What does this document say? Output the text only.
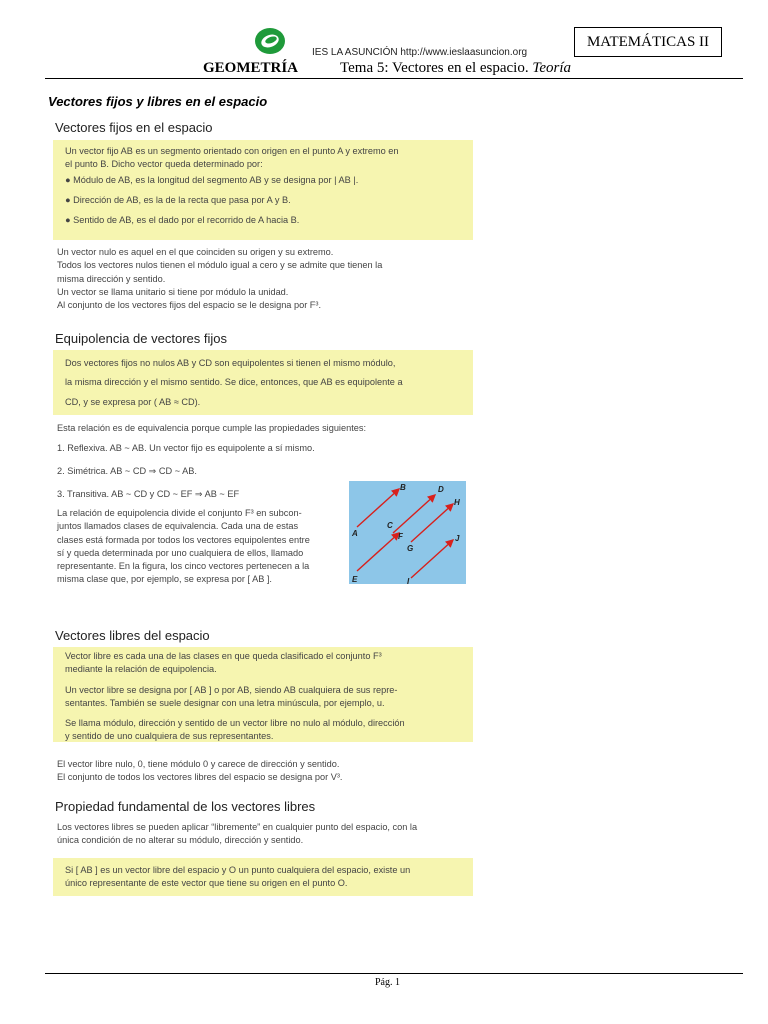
IES LA ASUNCIÓN http://www.ieslaasuncion.org
MATEMÁTICAS II
GEOMETRÍA	Tema 5: Vectores en el espacio. Teoría
Vectores fijos y libres en el espacio
Vectores fijos en el espacio
Un vector fijo AB es un segmento orientado con origen en el punto A y extremo en
el punto B. Dicho vector queda determinado por:
● Módulo de AB, es la longitud del segmento AB y se designa por | AB |.
● Dirección de AB, es la de la recta que pasa por A y B.
● Sentido de AB, es el dado por el recorrido de A hacia B.
Un vector nulo es aquel en el que coinciden su origen y su extremo.
Todos los vectores nulos tienen el módulo igual a cero y se admite que tienen la
misma dirección y sentido.
Un vector se llama unitario si tiene por módulo la unidad.
Al conjunto de los vectores fijos del espacio se le designa por F³.
Equipolencia de vectores fijos
Dos vectores fijos no nulos AB y CD son equipolentes si tienen el mismo módulo,
la misma dirección y el mismo sentido. Se dice, entonces, que AB es equipolente a
CD, y se expresa por ( AB ≈ CD).
Esta relación es de equivalencia porque cumple las propiedades siguientes:
1. Reflexiva. AB ~ AB. Un vector fijo es equipolente a sí mismo.
2. Simétrica. AB ~ CD ⇒ CD ~ AB.
3. Transitiva. AB ~ CD y CD ~ EF ⇒ AB ~ EF
La relación de equipolencia divide el conjunto F³ en subcon-
juntos llamados clases de equivalencia. Cada una de estas
clases está formada por todos los vectores equipolentes entre
sí y queda determinada por uno cualquiera de ellos, llamado
representante. En la figura, los cinco vectores pertenecen a la
misma clase que, por ejemplo, se expresa por [ AB ].
A
B
C
D
E
F
G
H
I
J
Vectores libres del espacio
Vector libre es cada una de las clases en que queda clasificado el conjunto F³
mediante la relación de equipolencia.
Un vector libre se designa por [ AB ] o por AB, siendo AB cualquiera de sus repre-
sentantes. También se suele designar con una letra minúscula, por ejemplo, u.
Se llama módulo, dirección y sentido de un vector libre no nulo al módulo, dirección
y sentido de uno cualquiera de sus representantes.
El vector libre nulo, 0, tiene módulo 0 y carece de dirección y sentido.
El conjunto de todos los vectores libres del espacio se designa por V³.
Propiedad fundamental de los vectores libres
Los vectores libres se pueden aplicar “libremente” en cualquier punto del espacio, con la
única condición de no alterar su módulo, dirección y sentido.
Si [ AB ] es un vector libre del espacio y O un punto cualquiera del espacio, existe un
único representante de este vector que tiene su origen en el punto O.
Pág. 1
